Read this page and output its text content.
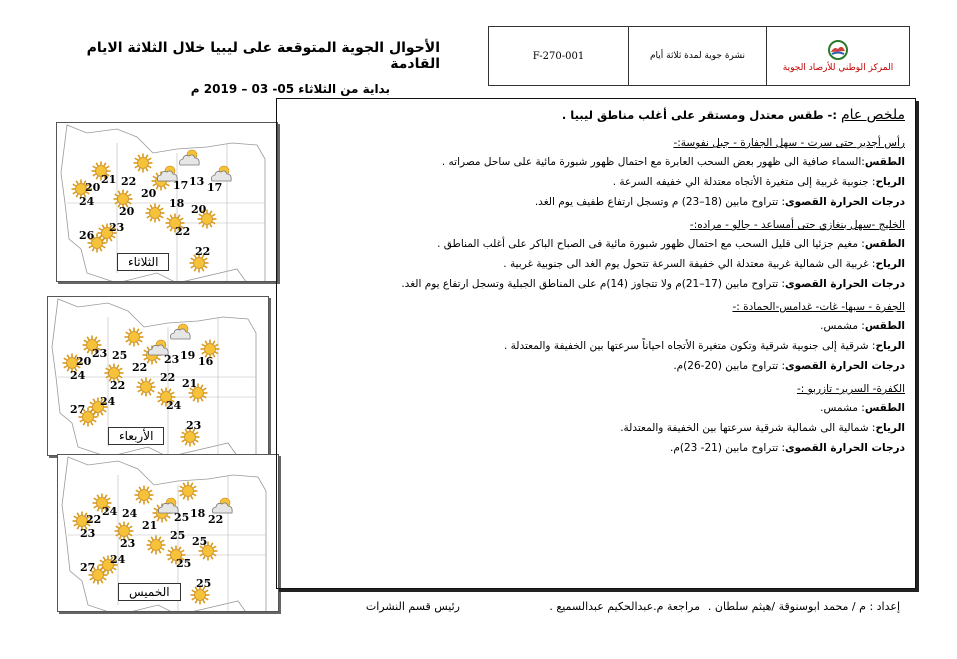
الأحوال الجوية المتوقعة على ليبيا خلال الثلاثة الايام القادمة
بداية من الثلاثاء 05- 03 – 2019 م
F-270-001	نشرة جوية لمدة ثلاثة أيام
المركز الوطني للأرصاد الجوية
21 22	13 17
20	20
17
24
20
18 20
23
26	22
22
الثلاثاء
23 25	19 16
20	22
23
24
22
22 21
24
27	24
23
الأربعاء
24 24	18 22
22	21
25
23
23
25 25
24
27	25
25
الخميس
ملخص عام
:- طقس معتدل ومستقر على أغلب مناطق ليبيا .
رأس أجدير حتى سرت - سهل الجفارة - جبل نفوسة:-
الطقس:السماء صافية الى ظهور بعض السحب العابرة مع احتمال ظهور شبورة مائية على ساحل مصراته .
الرياح: جنوبية غربية إلى متغيرة الأتجاه معتدلة الي خفيفه السرعة .
درجات الحرارة القصوى: تتراوح مابين (18–23) م وتسجل ارتفاع طفيف يوم الغد.
الخليج -سهل بنغازي حتى أمساعد - جالو - مراده:-
الطقس: مغيم جزئيا الى قليل السحب مع احتمال ظهور شبورة مائية فى الصباح الباكر على أغلب المناطق .
الرياح: غربية الى شمالية غربية معتدلة الي خفيفة السرعة تتحول يوم الغد الى جنوبية غربية .
درجات الحرارة القصوى: تتراوح مابين (17–21)م ولا تتجاوز (14)م على المناطق الجبلية وتسجل ارتفاع يوم الغد.
الجفرة - سبها- غات- غدامس-الحمادة :-
الطقس: مشمس.
الرياح: شرقية إلى جنوبية شرقية وتكون متغيرة الأتجاه احياناً سرعتها بين الخفيفة والمعتدلة .
درجات الحرارة القصوى: تتراوح مابين (20-26)م.
الكفرة- السرير- تازربو :-
الطقس: مشمس.
الرياح: شمالية الى شمالية شرقية سرعتها بين الخفيفة والمعتدلة.
درجات الحرارة القصوى: تتراوح مابين (21- 23)م.
إعداد : م / محمد ابوسنوقة /هيثم سلطان .
مراجعة م.عبدالحكيم عبدالسميع .
رئيس قسم النشرات
